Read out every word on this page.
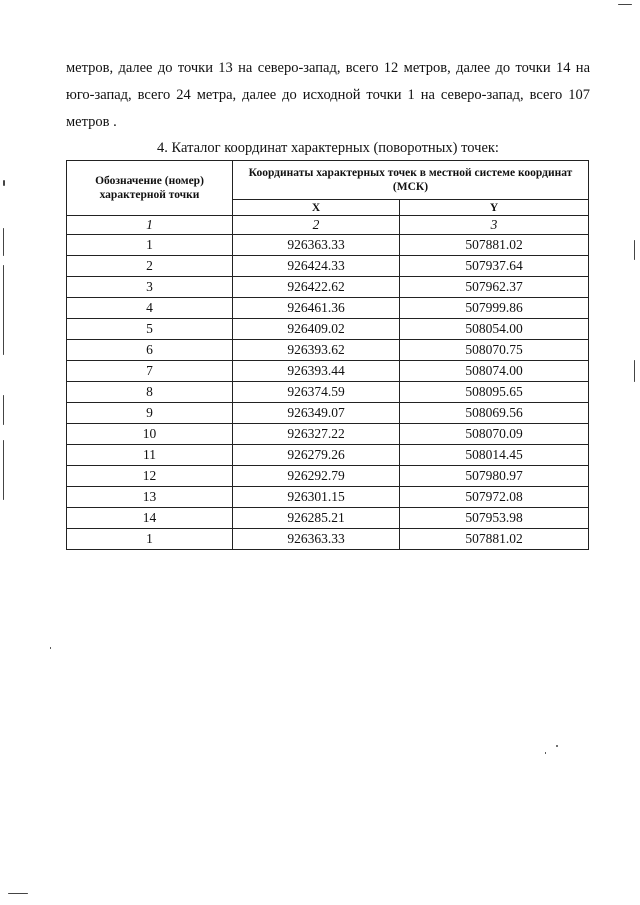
метров, далее до точки 13 на северо-запад, всего 12 метров, далее до точки 14 на
юго-запад, всего 24 метра, далее до исходной точки 1 на северо-запад, всего 107
метров .
4. Каталог координат характерных (поворотных) точек:
Обозначение (номер) характерной точки	Координаты характерных точек в местной системе координат (МСК)	
	X	Y
1	2	3
1	926363.33	507881.02
2	926424.33	507937.64
3	926422.62	507962.37
4	926461.36	507999.86
5	926409.02	508054.00
6	926393.62	508070.75
7	926393.44	508074.00
8	926374.59	508095.65
9	926349.07	508069.56
10	926327.22	508070.09
11	926279.26	508014.45
12	926292.79	507980.97
13	926301.15	507972.08
14	926285.21	507953.98
1	926363.33	507881.02
